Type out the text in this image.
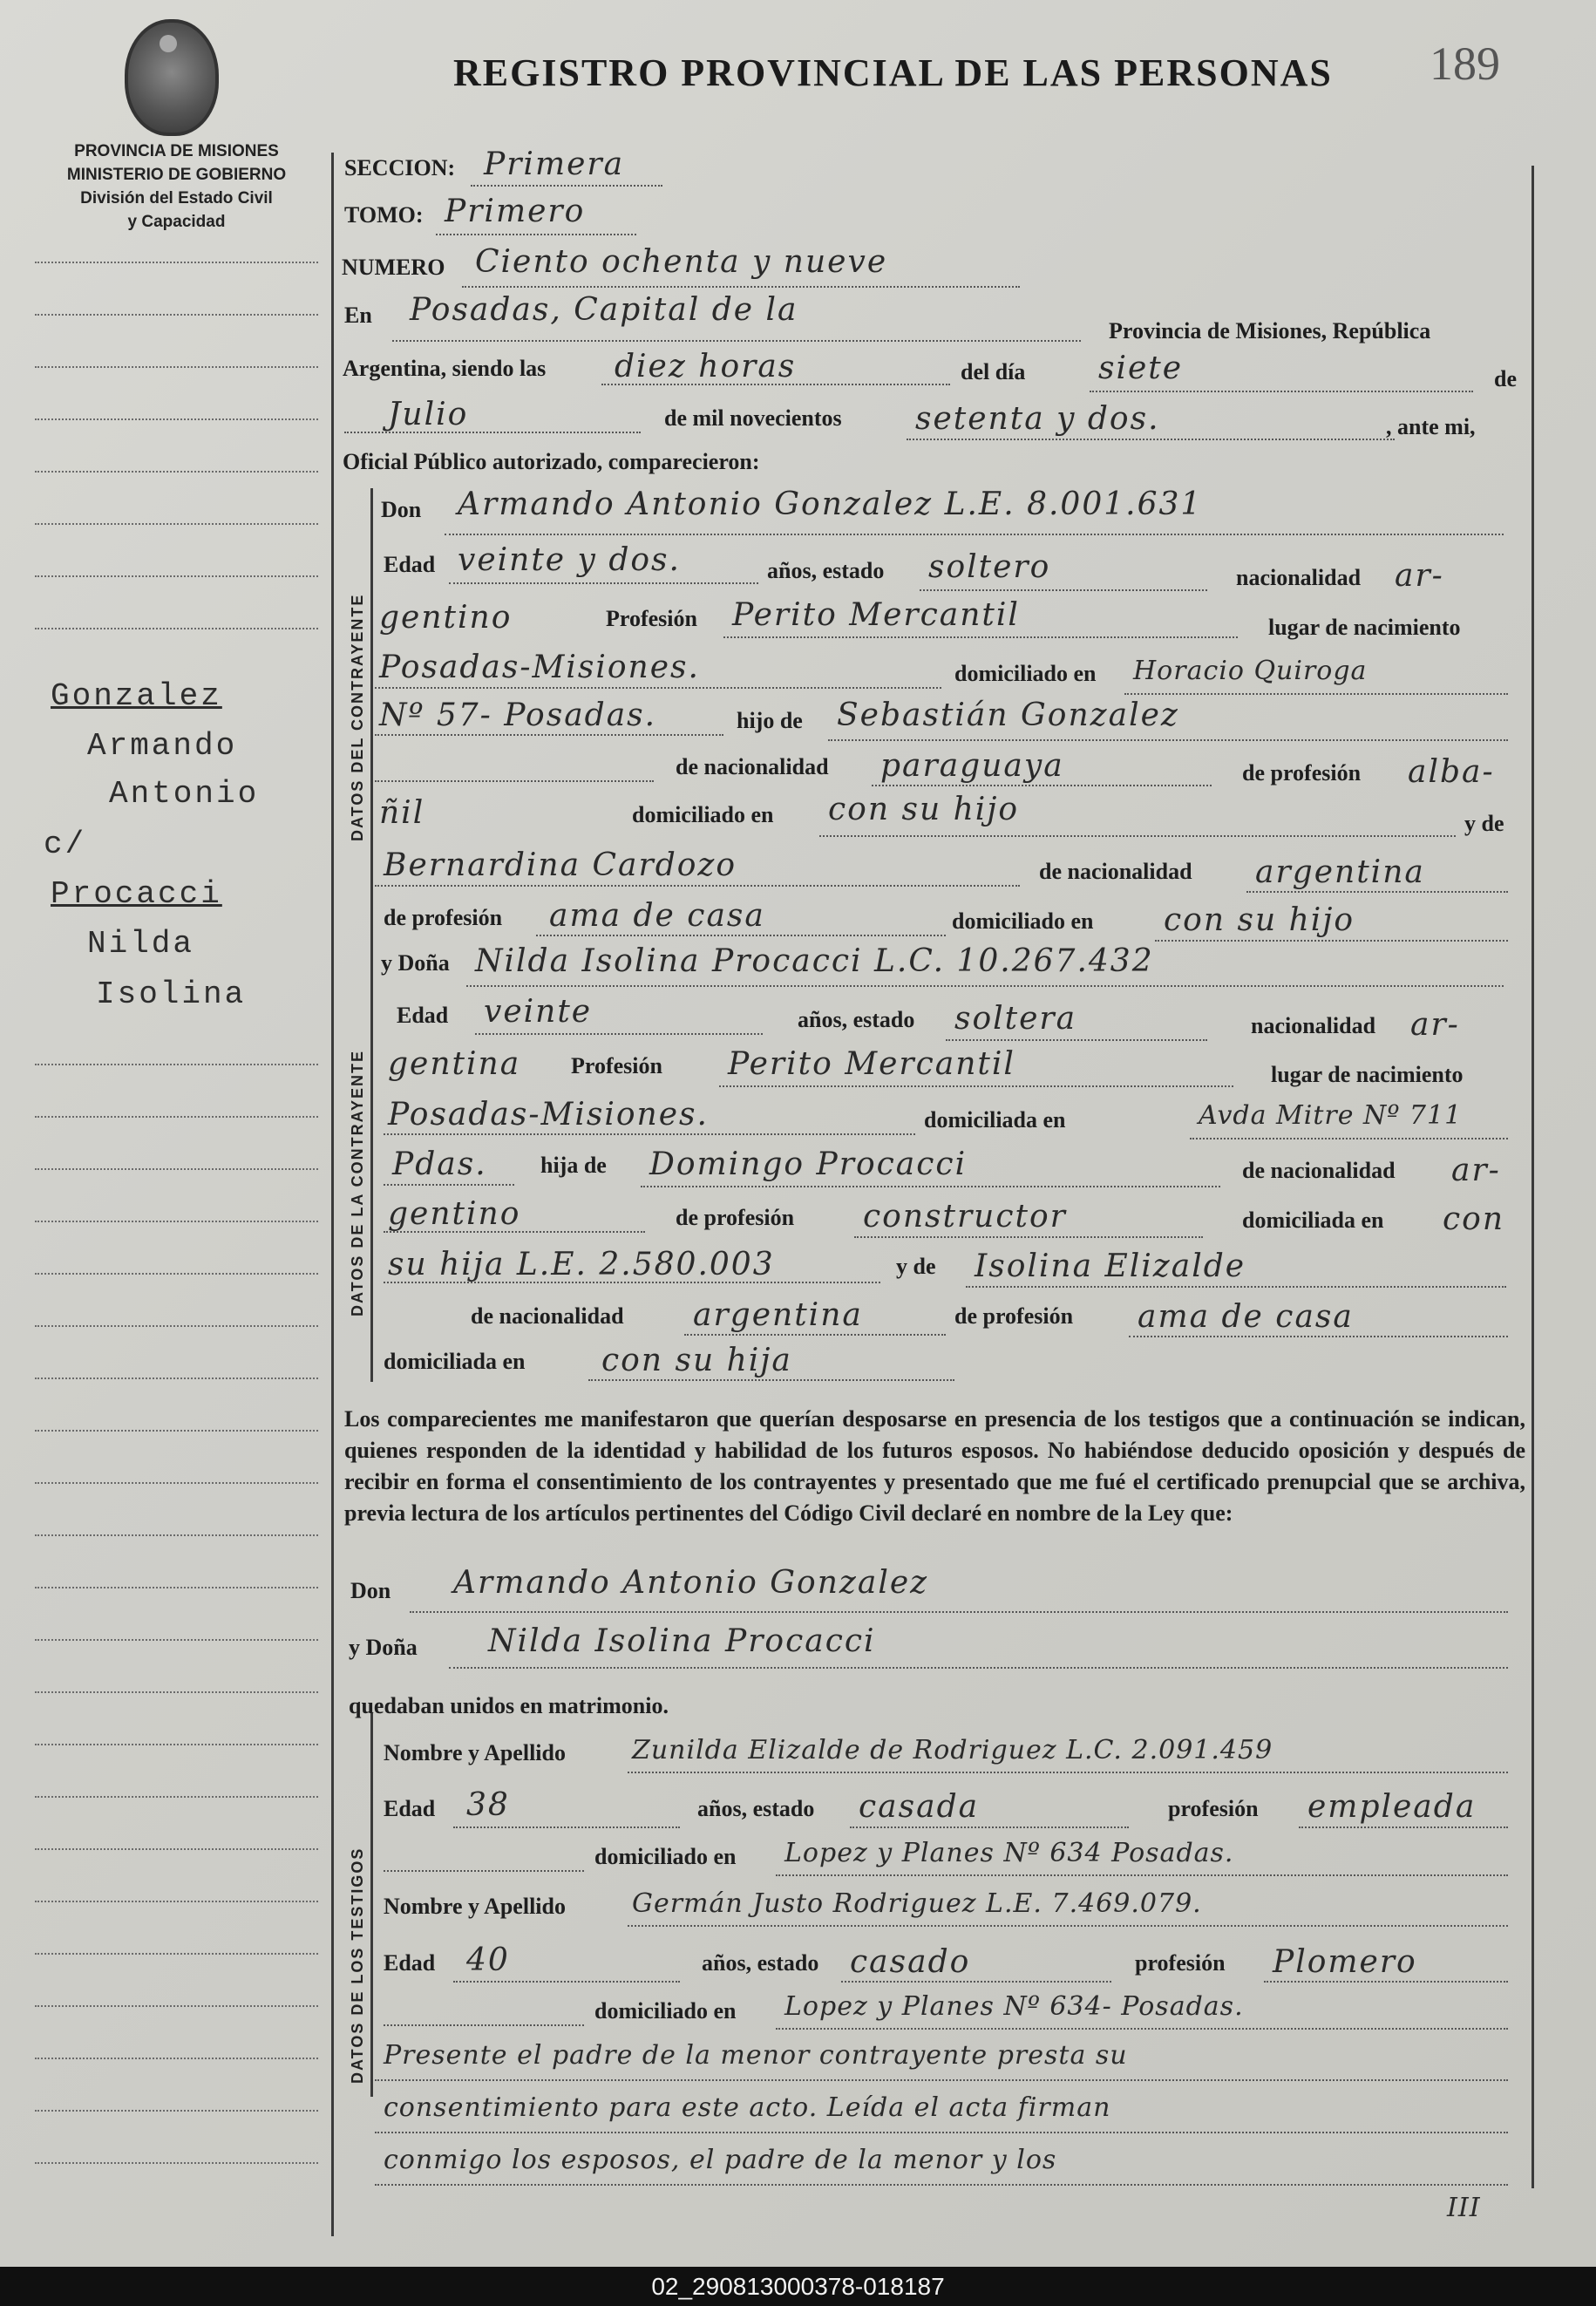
REGISTRO PROVINCIAL DE LAS PERSONAS 189
PROVINCIA DE MISIONES
MINISTERIO DE GOBIERNO
División del Estado Civil
y Capacidad
Gonzalez
Armando
Antonio
c/
Procacci
Nilda
Isolina
DATOS DEL CONTRAYENTE
DATOS DE LA CONTRAYENTE
DATOS DE LOS TESTIGOS
SECCION: Primera
TOMO: Primero
NUMERO Ciento ochenta y nueve
En Posadas, Capital de la
Provincia de Misiones, República
Argentina, siendo las diez horas	del día siete	de
Julio	de mil novecientos setenta y dos.	, ante mi,
Oficial Público autorizado, comparecieron:
Don Armando Antonio Gonzalez L.E. 8.001.631
Edad veinte y dos.	años, estado soltero	nacionalidad ar-
gentino	Profesión Perito Mercantil	lugar de nacimiento
Posadas-Misiones.	domiciliado en Horacio Quiroga
Nº 57- Posadas.	hijo de Sebastián Gonzalez
de nacionalidad paraguaya	de profesión alba-
ñil	domiciliado en con su hijo	y de
Bernardina Cardozo	de nacionalidad argentina
de profesión ama de casa	domiciliado en con su hijo
y Doña Nilda Isolina Procacci L.C. 10.267.432
Edad veinte	años, estado soltera	nacionalidad ar-
gentina Profesión Perito Mercantil	lugar de nacimiento
Posadas-Misiones.	domiciliada en	Avda Mitre Nº 711
Pdas. hija de Domingo Procacci	de nacionalidad ar-
gentino	de profesión constructor	domiciliada en con
su hija L.E. 2.580.003	y de Isolina Elizalde
de nacionalidad argentina	de profesión ama de casa
domiciliada en con su hija
Los comparecientes me manifestaron que querían desposarse en presencia de los testigos que a continuación se indican, quienes responden de la identidad y habilidad de los futuros esposos. No habiéndose deducido oposición y después de recibir en forma el consentimiento de los contrayentes y presentado que me fué el certificado prenupcial que se archiva, previa lectura de los artículos pertinentes del Código Civil declaré en nombre de la Ley que:
Don Armando Antonio Gonzalez
y Doña Nilda Isolina Procacci
quedaban unidos en matrimonio.
Nombre y Apellido	Zunilda Elizalde de Rodriguez L.C. 2.091.459
Edad 38	años, estado casada	profesión empleada
domiciliado en Lopez y Planes Nº 634 Posadas.
Nombre y Apellido	Germán Justo Rodriguez L.E. 7.469.079.
Edad 40	años, estado casado	profesión Plomero
domiciliado en Lopez y Planes Nº 634- Posadas.
Presente el padre de la menor contrayente presta su
consentimiento para este acto. Leída el acta firman
conmigo los esposos, el padre de la menor y los
III
02_290813000378-018187
